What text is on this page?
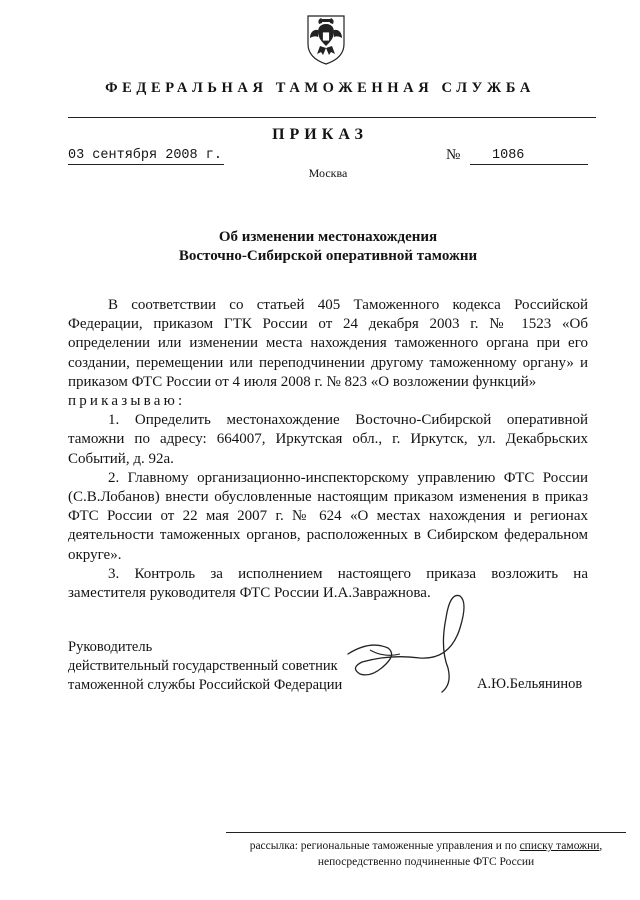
ФЕДЕРАЛЬНАЯ ТАМОЖЕННАЯ СЛУЖБА
ПРИКАЗ
03 сентября 2008 г.	№ 1086
Москва
Об изменении местонахождения
Восточно-Сибирской оперативной таможни

В соответствии со статьей 405 Таможенного кодекса Российской Федерации, приказом ГТК России от 24 декабря 2003 г. № 1523 «Об определении или изменении места нахождения таможенного органа при его создании, перемещении или переподчинении другому таможенному органу» и приказом ФТС России от 4 июля 2008 г. № 823 «О возложении функций»

приказываю:

1. Определить местонахождение Восточно-Сибирской оперативной таможни по адресу: 664007, Иркутская обл., г. Иркутск, ул. Декабрьских Событий, д. 92а.

2. Главному организационно-инспекторскому управлению ФТС России (С.В.Лобанов) внести обусловленные настоящим приказом изменения в приказ ФТС России от 22 мая 2007 г. № 624 «О местах нахождения и регионах деятельности таможенных органов, расположенных в Сибирском федеральном округе».

3. Контроль за исполнением настоящего приказа возложить на заместителя руководителя ФТС России И.А.Завражнова.

Руководитель
действительный государственный советник
таможенной службы Российской Федерации	А.Ю.Бельянинов
рассылка: региональные таможенные управления и по списку таможни,
непосредственно подчиненные ФТС России
